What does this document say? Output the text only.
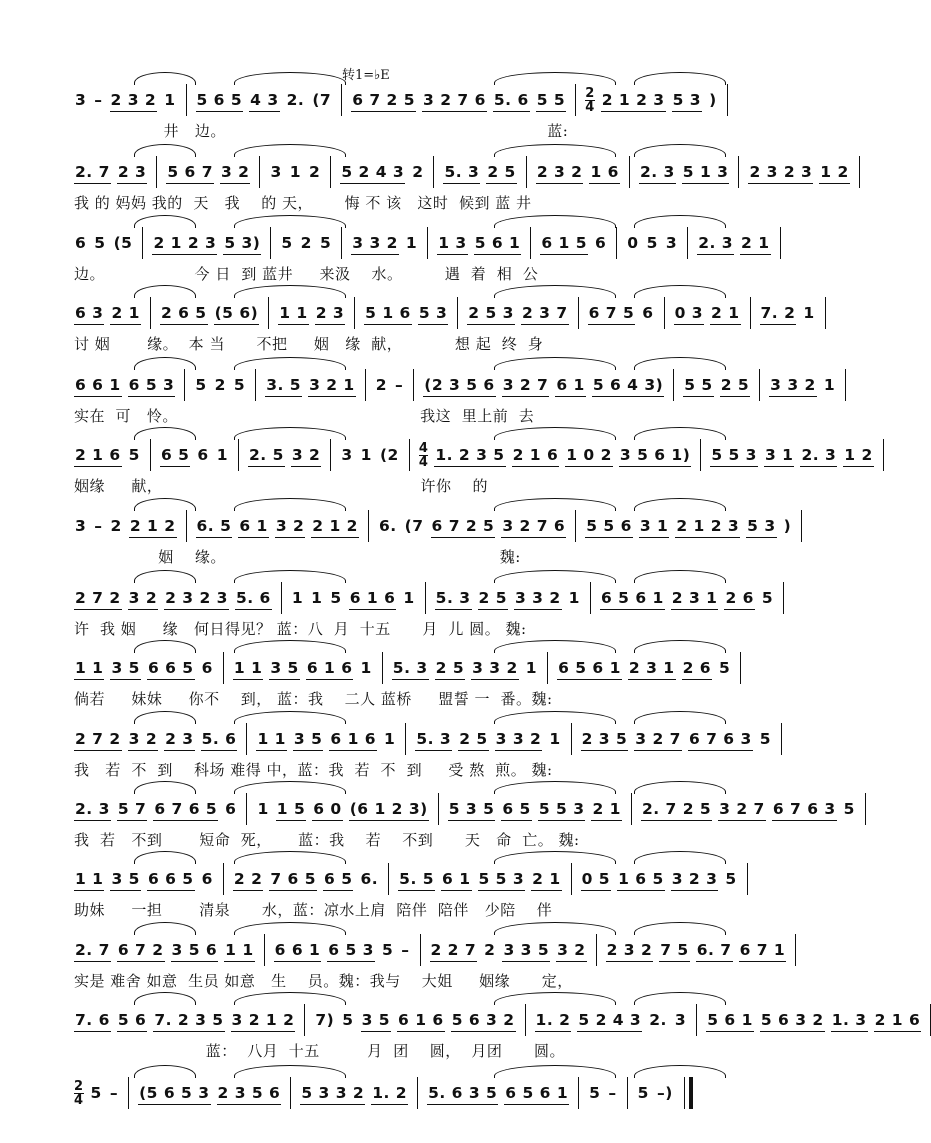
3 – 2 3 2 1 5 6 5 4 3 2. (7 6 7 2 5 3 2 7 6 5. 6 5 5 2
4 2 1 2 3 5 3 )
转1=♭E
井   边。                                                             蓝:
2. 7 2 3 5 6 7 3 2 3 1 2 5 2 4 3 2 5. 3 2 5 2 3 2 1 6 2. 3 5 1 3 2 3 2 3 1 2
我 的 妈妈 我的  天   我    的 天，      悔 不 该   这时  候到 蓝 井
6 5 (5 2 1 2 3 5 3) 5 2 5 3 3 2 1 1 3 5 6 1 6 1 5 6 0 5 3 2. 3 2 1
边。                 今 日  到 蓝井     来汲    水。        遇  着  相  公
6 3 2 1 2 6 5 (5 6) 1 1 2 3 5 1 6 5 3 2 5 3 2 3 7 6 7 5 6 0 3 2 1 7. 2 1
讨 姻       缘。  本 当      不把     姻   缘  献，          想 起  终  身
6 6 1 6 5 3 5 2 5 3. 5 3 2 1 2 – (2 3 5 6 3 2 7 6 1 5 6 4 3) 5 5 2 5 3 3 2 1
实在  可   怜。                                              我这  里上前  去
2 1 6 5 6 5 6 1 2. 5 3 2 3 1 (2 4
4 1. 2 3 5 2 1 6 1 0 2 3 5 6 1) 5 5 3 3 1 2. 3 1 2
姻缘     献，                                                 许你    的
3 – 2 2 1 2 6. 5 6 1 3 2 2 1 2 6. (7 6 7 2 5 3 2 7 6 5 5 6 3 1 2 1 2 3 5 3 )
姻    缘。                                                    魏:
2 7 2 3 2 2 3 2 3 5. 6 1 1 5 6 1 6 1 5. 3 2 5 3 3 2 1 6 5 6 1 2 3 1 2 6 5
许  我 姻     缘   何日得见？ 蓝：八  月  十五      月  儿 圆。 魏:
1 1 3 5 6 6 5 6 1 1 3 5 6 1 6 1 5. 3 2 5 3 3 2 1 6 5 6 1 2 3 1 2 6 5
倘若     妹妹     你不    到， 蓝：我    二人 蓝桥     盟誓 一  番。魏:
2 7 2 3 2 2 3 5. 6 1 1 3 5 6 1 6 1 5. 3 2 5 3 3 2 1 2 3 5 3 2 7 6 7 6 3 5
我   若  不  到    科场 难得 中，蓝：我  若  不  到     受 熬  煎。 魏:
2. 3 5 7 6 7 6 5 6 1 1 5 6 0 (6 1 2 3) 5 3 5 6 5 5 5 3 2 1 2. 7 2 5 3 2 7 6 7 6 3 5
我  若   不到       短命  死，     蓝：我    若    不到      天   命  亡。 魏:
1 1 3 5 6 6 5 6 2 2 7 6 5 6 5 6. 5. 5 6 1 5 5 3 2 1 0 5 1 6 5 3 2 3 5
助妹     一担       清泉      水，蓝：凉水上肩  陪伴  陪伴   少陪    伴
2. 7 6 7 2 3 5 6 1 1 6 6 1 6 5 3 5 – 2 2 7 2 3 3 5 3 2 2 3 2 7 5 6. 7 6 7 1
实是 难舍 如意  生员 如意   生    员。魏：我与    大姐     姻缘      定，
7. 6 5 6 7. 2 3 5 3 2 1 2 7) 5 3 5 6 1 6 5 6 3 2 1. 2 5 2 4 3 2. 3 5 6 1 5 6 3 2 1. 3 2 1 6
蓝：  八月  十五         月  团    圆，  月团      圆。
2
4 5 – (5 6 5 3 2 3 5 6 5 3 3 2 1. 2 5. 6 3 5 6 5 6 1 5 – 5 –)
